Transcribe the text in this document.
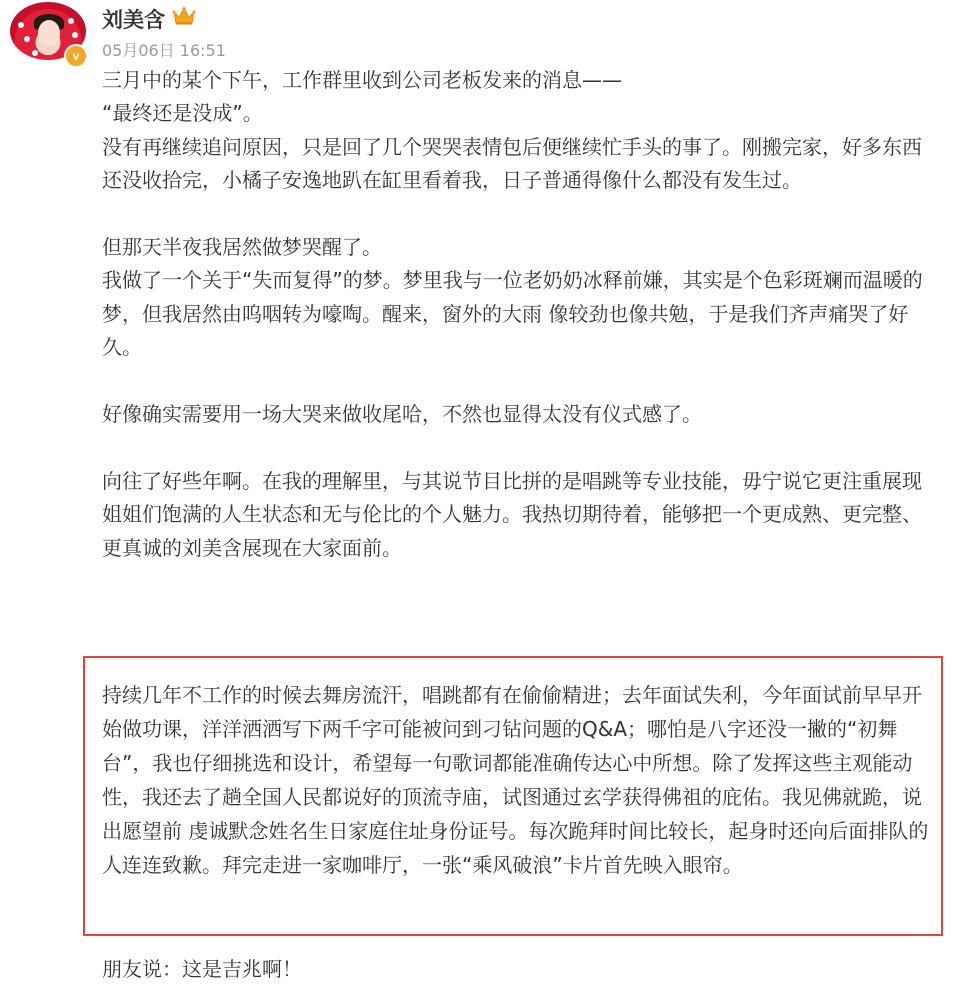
v
刘美含
05月06日 16:51

三月中的某个下午，工作群里收到公司老板发来的消息——

“最终还是没成”。

没有再继续追问原因，只是回了几个哭哭表情包后便继续忙手头的事了。刚搬完家，好多东西还没收拾完，小橘子安逸地趴在缸里看着我，日子普通得像什么都没有发生过。

但那天半夜我居然做梦哭醒了。

我做了一个关于“失而复得”的梦。梦里我与一位老奶奶冰释前嫌，其实是个色彩斑斓而温暖的梦，但我居然由呜咽转为嚎啕。醒来，窗外的大雨 像较劲也像共勉，于是我们齐声痛哭了好久。

好像确实需要用一场大哭来做收尾哈，不然也显得太没有仪式感了。

向往了好些年啊。在我的理解里，与其说节目比拼的是唱跳等专业技能，毋宁说它更注重展现姐姐们饱满的人生状态和无与伦比的个人魅力。我热切期待着，能够把一个更成熟、更完整、更真诚的刘美含展现在大家面前。

持续几年不工作的时候去舞房流汗，唱跳都有在偷偷精进；去年面试失利，今年面试前早早开始做功课，洋洋洒洒写下两千字可能被问到刁钻问题的Q&A；哪怕是八字还没一撇的“初舞台”，我也仔细挑选和设计，希望每一句歌词都能准确传达心中所想。除了发挥这些主观能动性，我还去了趟全国人民都说好的顶流寺庙，试图通过玄学获得佛祖的庇佑。我见佛就跪，说出愿望前 虔诚默念姓名生日家庭住址身份证号。每次跪拜时间比较长，起身时还向后面排队的人连连致歉。拜完走进一家咖啡厅，一张“乘风破浪”卡片首先映入眼帘。

朋友说：这是吉兆啊！
